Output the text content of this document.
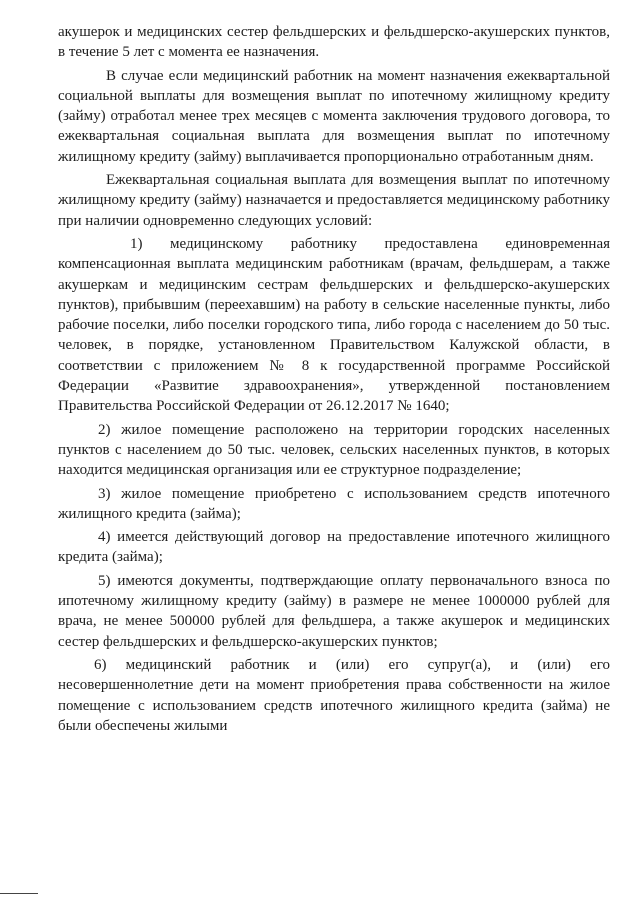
акушерок и медицинских сестер фельдшерских и фельдшерско-акушерских пунктов, в течение 5 лет с момента ее назначения.

В случае если медицинский работник на момент назначения ежеквартальной социальной выплаты для возмещения выплат по ипотечному жилищному кредиту (займу) отработал менее трех месяцев с момента заключения трудового договора, то ежеквартальная социальная выплата для возмещения выплат по ипотечному жилищному кредиту (займу) выплачивается пропорционально отработанным дням.

Ежеквартальная социальная выплата для возмещения выплат по ипотечному жилищному кредиту (займу) назначается и предоставляется медицинскому работнику при наличии одновременно следующих условий:

1) медицинскому работнику предоставлена единовременная компенсационная выплата медицинским работникам (врачам, фельдшерам, а также акушеркам и медицинским сестрам фельдшерских и фельдшерско-акушерских пунктов), прибывшим (переехавшим) на работу в сельские населенные пункты, либо рабочие поселки, либо поселки городского типа, либо города с населением до 50 тыс. человек, в порядке, установленном Правительством Калужской области, в соответствии с приложением № 8 к государственной программе Российской Федерации «Развитие здравоохранения», утвержденной постановлением Правительства Российской Федерации от 26.12.2017 № 1640;

2) жилое помещение расположено на территории городских населенных пунктов с населением до 50 тыс. человек, сельских населенных пунктов, в которых находится медицинская организация или ее структурное подразделение;

3) жилое помещение приобретено с использованием средств ипотечного жилищного кредита (займа);

4) имеется действующий договор на предоставление ипотечного жилищного кредита (займа);

5) имеются документы, подтверждающие оплату первоначального взноса по ипотечному жилищному кредиту (займу) в размере не менее 1000000 рублей для врача, не менее 500000 рублей для фельдшера, а также акушерок и медицинских сестер фельдшерских и фельдшерско-акушерских пунктов;

6) медицинский работник и (или) его супруг(а), и (или) его несовершеннолетние дети на момент приобретения права собственности на жилое помещение с использованием средств ипотечного жилищного кредита (займа) не были обеспечены жилыми
